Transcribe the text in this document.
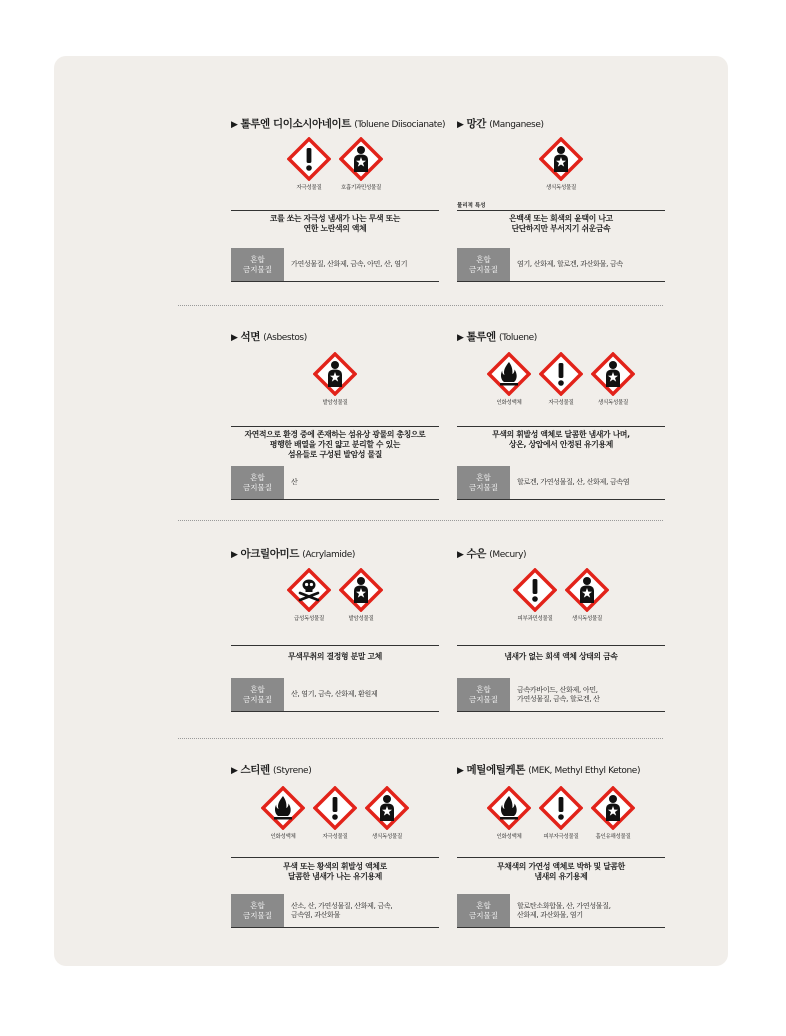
▶ 톨루엔 디이소시아네이트 (Toluene Diisocianate)
자극성물질	호흡기과민성물질
코를 쏘는 자극성 냄새가 나는 무색 또는
연한 노란색의 액체
혼합
금지물질
가연성물질, 산화제, 금속, 아민, 산, 염기
▶ 망간 (Manganese)
생식독성물질
물리적 특성
은백색 또는 회색의 윤택이 나고
단단하지만 부서지기 쉬운금속
혼합
금지물질
염기, 산화제, 할로겐, 과산화물, 금속
▶ 석면 (Asbestos)
발암성물질
자연적으로 환경 중에 존재하는 섬유상 광물의 총칭으로
평행한 배열을 가진 얇고 분리할 수 있는
섬유들로 구성된 발암성 물질
혼합
금지물질
산
▶ 톨루엔 (Toluene)
인화성액체	자극성물질	생식독성물질
무색의 휘발성 액체로 달콤한 냄새가 나며,
상온, 상압에서 안정된 유기용제
혼합
금지물질
할로겐, 가연성물질, 산, 산화제, 금속염
▶ 아크릴아미드 (Acrylamide)
급성독성물질	발암성물질
무색무취의 결정형 분말 고체
혼합
금지물질
산, 염기, 금속, 산화제, 환원제
▶ 수은 (Mecury)
피부과민성물질	생식독성물질
냄새가 없는 회색 액체 상태의 금속
혼합
금지물질
금속카바이드, 산화제, 아민,
가연성물질, 금속, 할로겐, 산
▶ 스티렌 (Styrene)
인화성액체	자극성물질	생식독성물질
무색 또는 황색의 휘발성 액체로
달콤한 냄새가 나는 유기용제
혼합
금지물질
산소, 산, 가연성물질, 산화제, 금속,
금속염, 과산화물
▶ 메틸에틸케톤 (MEK, Methyl Ethyl Ketone)
인화성액체	피부자극성물질	흡인유해성물질
무채색의 가연성 액체로 박하 및 달콤한
냄새의 유기용제
혼합
금지물질
할로탄소화합물, 산, 가연성물질,
산화제, 과산화물, 염기
